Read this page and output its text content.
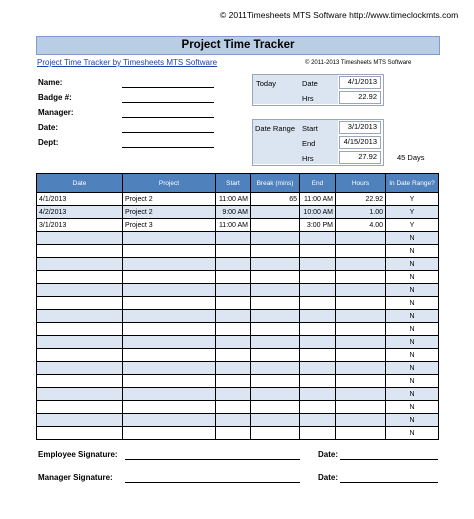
© 2011Timesheets MTS Software http://www.timeclockmts.com
Project Time Tracker
Project Time Tracker by Timesheets MTS Software	© 2011-2013 Timesheets MTS Software
Name:
Badge #:
Manager:
Date:
Dept:
Today	Date	4/1/2013
Hrs	22.92
Date Range Start	3/1/2013
End	4/15/2013
Hrs	27.92	45 Days
Date	Project	Start	Break (mins)	End	Hours	In Date Range?
4/1/2013	Project 2	11:00 AM	65	11:00 AM	22.92	Y
4/2/2013	Project 2	9:00 AM		10:00 AM	1.00	Y
3/1/2013	Project 3	11:00 AM		3:00 PM	4.00	Y
						N
						N
						N
						N
						N
						N
						N
						N
						N
						N
						N
						N
						N
						N
						N
						N
Employee Signature:	Date:
Manager Signature:	Date:
